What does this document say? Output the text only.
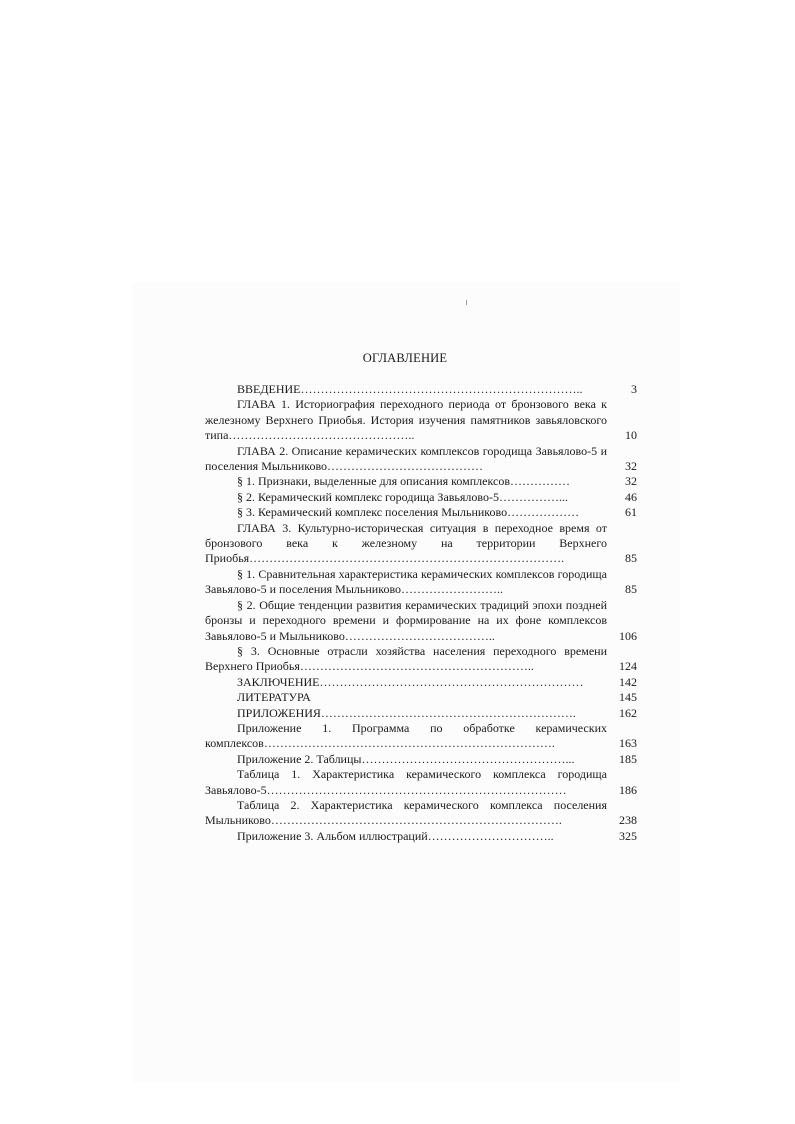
ОГЛАВЛЕНИЕ
ВВЕДЕНИЕ……………………………………………………………..	3
ГЛАВА 1. Историография переходного периода от бронзового века к железному Верхнего Приобья. История изучения памятников завьяловского типа………………………………………..	10
ГЛАВА 2. Описание керамических комплексов городища Завьялово-5 и поселения Мыльниково…………………………………	32
§ 1. Признаки, выделенные для описания комплексов……………	32
§ 2. Керамический комплекс городища Завьялово-5……………...	46
§ 3. Керамический комплекс поселения Мыльниково………………	61
ГЛАВА 3. Культурно-историческая ситуация в переходное время от бронзового века к железному на территории Верхнего Приобья…………………………………………………………………….	85
§ 1. Сравнительная характеристика керамических комплексов городища Завьялово-5 и поселения Мыльниково……………………..	85
§ 2. Общие тенденции развития керамических традиций эпохи поздней бронзы и переходного времени и формирование на их фоне комплексов Завьялово-5 и Мыльниково………………………………..	106
§ 3. Основные отрасли хозяйства населения переходного времени Верхнего Приобья…………………………………………………..	124
ЗАКЛЮЧЕНИЕ…………………………………………………………	142
ЛИТЕРАТУРА	145
ПРИЛОЖЕНИЯ……………………………………………………….	162
Приложение 1. Программа по обработке керамических комплексов……………………………………………………………….	163
Приложение 2. Таблицы……………………………………………...	185
Таблица 1. Характеристика керамического комплекса городища Завьялово-5…………………………………………………………………	186
Таблица 2. Характеристика керамического комплекса поселения Мыльниково……………………………………………………………….	238
Приложение 3. Альбом иллюстраций…………………………..	325
